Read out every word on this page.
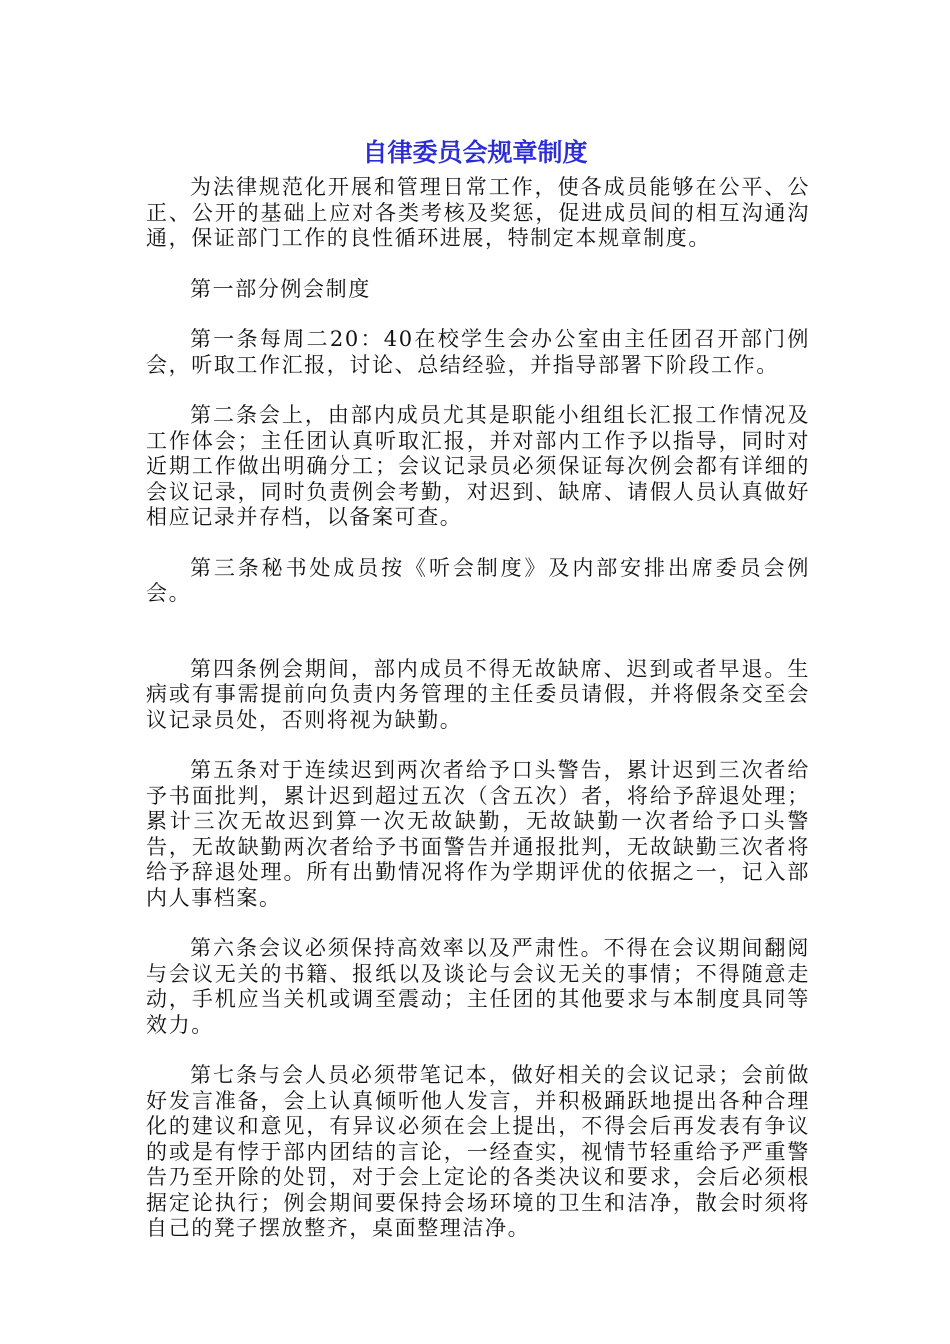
自律委员会规章制度

为法律规范化开展和管理日常工作，使各成员能够在公平、公正、公开的基础上应对各类考核及奖惩，促进成员间的相互沟通沟通，保证部门工作的良性循环进展，特制定本规章制度。

第一部分例会制度

第一条每周二20：40在校学生会办公室由主任团召开部门例会，听取工作汇报，讨论、总结经验，并指导部署下阶段工作。

第二条会上，由部内成员尤其是职能小组组长汇报工作情况及工作体会；主任团认真听取汇报，并对部内工作予以指导，同时对近期工作做出明确分工；会议记录员必须保证每次例会都有详细的会议记录，同时负责例会考勤，对迟到、缺席、请假人员认真做好相应记录并存档，以备案可查。

第三条秘书处成员按《听会制度》及内部安排出席委员会例会。

第四条例会期间，部内成员不得无故缺席、迟到或者早退。生病或有事需提前向负责内务管理的主任委员请假，并将假条交至会议记录员处，否则将视为缺勤。

第五条对于连续迟到两次者给予口头警告，累计迟到三次者给予书面批判，累计迟到超过五次（含五次）者，将给予辞退处理；累计三次无故迟到算一次无故缺勤，无故缺勤一次者给予口头警告，无故缺勤两次者给予书面警告并通报批判，无故缺勤三次者将给予辞退处理。所有出勤情况将作为学期评优的依据之一，记入部内人事档案。

第六条会议必须保持高效率以及严肃性。不得在会议期间翻阅与会议无关的书籍、报纸以及谈论与会议无关的事情；不得随意走动，手机应当关机或调至震动；主任团的其他要求与本制度具同等效力。

第七条与会人员必须带笔记本，做好相关的会议记录；会前做好发言准备，会上认真倾听他人发言，并积极踊跃地提出各种合理化的建议和意见，有异议必须在会上提出，不得会后再发表有争议的或是有悖于部内团结的言论，一经查实，视情节轻重给予严重警告乃至开除的处罚，对于会上定论的各类决议和要求，会后必须根据定论执行；例会期间要保持会场环境的卫生和洁净，散会时须将自己的凳子摆放整齐，桌面整理洁净。
